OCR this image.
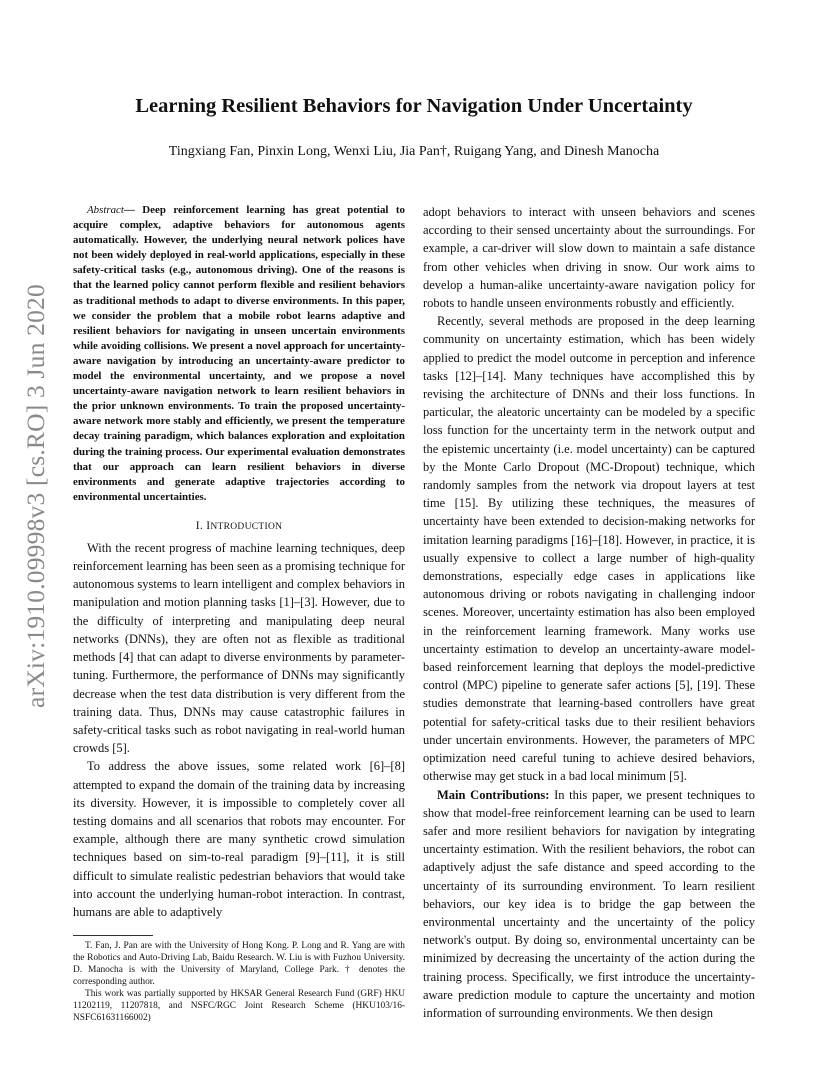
arXiv:1910.09998v3 [cs.RO] 3 Jun 2020
Learning Resilient Behaviors for Navigation Under Uncertainty

Tingxiang Fan, Pinxin Long, Wenxi Liu, Jia Pan†, Ruigang Yang, and Dinesh Manocha

Abstract— Deep reinforcement learning has great potential to acquire complex, adaptive behaviors for autonomous agents automatically. However, the underlying neural network polices have not been widely deployed in real-world applications, especially in these safety-critical tasks (e.g., autonomous driving). One of the reasons is that the learned policy cannot perform flexible and resilient behaviors as traditional methods to adapt to diverse environments. In this paper, we consider the problem that a mobile robot learns adaptive and resilient behaviors for navigating in unseen uncertain environments while avoiding collisions. We present a novel approach for uncertainty-aware navigation by introducing an uncertainty-aware predictor to model the environmental uncertainty, and we propose a novel uncertainty-aware navigation network to learn resilient behaviors in the prior unknown environments. To train the proposed uncertainty-aware network more stably and efficiently, we present the temperature decay training paradigm, which balances exploration and exploitation during the training process. Our experimental evaluation demonstrates that our approach can learn resilient behaviors in diverse environments and generate adaptive trajectories according to environmental uncertainties.

I. INTRODUCTION

With the recent progress of machine learning techniques, deep reinforcement learning has been seen as a promising technique for autonomous systems to learn intelligent and complex behaviors in manipulation and motion planning tasks [1]–[3]. However, due to the difficulty of interpreting and manipulating deep neural networks (DNNs), they are often not as flexible as traditional methods [4] that can adapt to diverse environments by parameter-tuning. Furthermore, the performance of DNNs may significantly decrease when the test data distribution is very different from the training data. Thus, DNNs may cause catastrophic failures in safety-critical tasks such as robot navigating in real-world human crowds [5].

To address the above issues, some related work [6]–[8] attempted to expand the domain of the training data by increasing its diversity. However, it is impossible to completely cover all testing domains and all scenarios that robots may encounter. For example, although there are many synthetic crowd simulation techniques based on sim-to-real paradigm [9]–[11], it is still difficult to simulate realistic pedestrian behaviors that would take into account the underlying human-robot interaction. In contrast, humans are able to adaptively

T. Fan, J. Pan are with the University of Hong Kong. P. Long and R. Yang are with the Robotics and Auto-Driving Lab, Baidu Research. W. Liu is with Fuzhou University. D. Manocha is with the University of Maryland, College Park. † denotes the corresponding author.

This work was partially supported by HKSAR General Research Fund (GRF) HKU 11202119, 11207818, and NSFC/RGC Joint Research Scheme (HKU103/16-NSFC61631166002)

adopt behaviors to interact with unseen behaviors and scenes according to their sensed uncertainty about the surroundings. For example, a car-driver will slow down to maintain a safe distance from other vehicles when driving in snow. Our work aims to develop a human-alike uncertainty-aware navigation policy for robots to handle unseen environments robustly and efficiently.

Recently, several methods are proposed in the deep learning community on uncertainty estimation, which has been widely applied to predict the model outcome in perception and inference tasks [12]–[14]. Many techniques have accomplished this by revising the architecture of DNNs and their loss functions. In particular, the aleatoric uncertainty can be modeled by a specific loss function for the uncertainty term in the network output and the epistemic uncertainty (i.e. model uncertainty) can be captured by the Monte Carlo Dropout (MC-Dropout) technique, which randomly samples from the network via dropout layers at test time [15]. By utilizing these techniques, the measures of uncertainty have been extended to decision-making networks for imitation learning paradigms [16]–[18]. However, in practice, it is usually expensive to collect a large number of high-quality demonstrations, especially edge cases in applications like autonomous driving or robots navigating in challenging indoor scenes. Moreover, uncertainty estimation has also been employed in the reinforcement learning framework. Many works use uncertainty estimation to develop an uncertainty-aware model-based reinforcement learning that deploys the model-predictive control (MPC) pipeline to generate safer actions [5], [19]. These studies demonstrate that learning-based controllers have great potential for safety-critical tasks due to their resilient behaviors under uncertain environments. However, the parameters of MPC optimization need careful tuning to achieve desired behaviors, otherwise may get stuck in a bad local minimum [5].

Main Contributions: In this paper, we present techniques to show that model-free reinforcement learning can be used to learn safer and more resilient behaviors for navigation by integrating uncertainty estimation. With the resilient behaviors, the robot can adaptively adjust the safe distance and speed according to the uncertainty of its surrounding environment. To learn resilient behaviors, our key idea is to bridge the gap between the environmental uncertainty and the uncertainty of the policy network's output. By doing so, environmental uncertainty can be minimized by decreasing the uncertainty of the action during the training process. Specifically, we first introduce the uncertainty-aware prediction module to capture the uncertainty and motion information of surrounding environments. We then design
